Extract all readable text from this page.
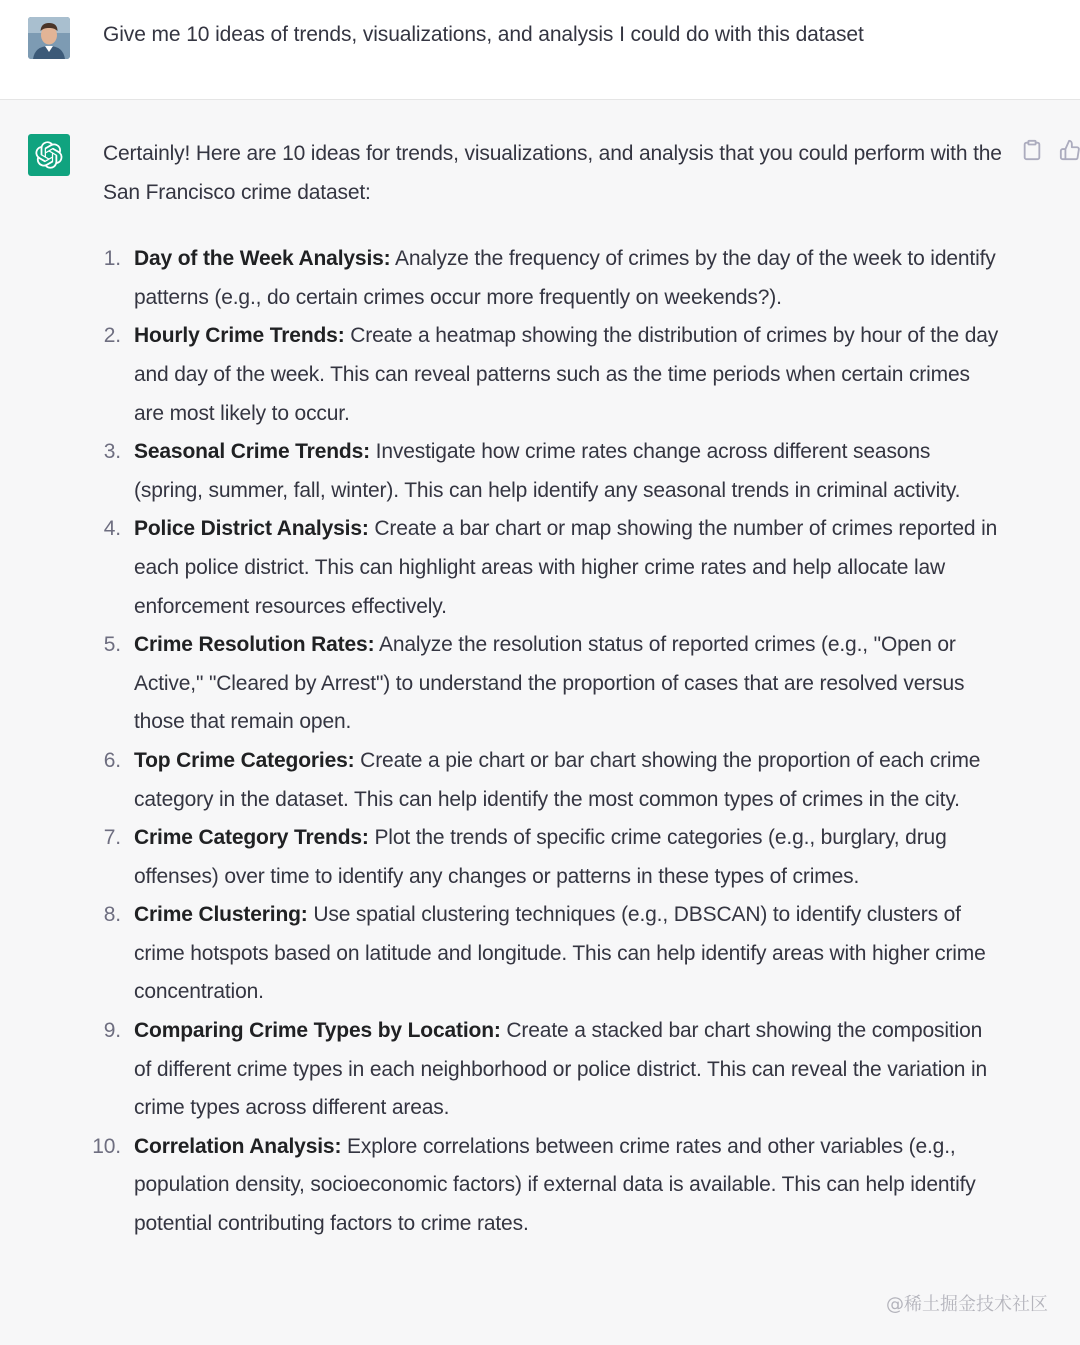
Give me 10 ideas of trends, visualizations, and analysis I could do with this dataset

Certainly! Here are 10 ideas for trends, visualizations, and analysis that you could perform with the San Francisco crime dataset:

1. Day of the Week Analysis: Analyze the frequency of crimes by the day of the week to identify patterns (e.g., do certain crimes occur more frequently on weekends?).
2. Hourly Crime Trends: Create a heatmap showing the distribution of crimes by hour of the day and day of the week. This can reveal patterns such as the time periods when certain crimes are most likely to occur.
3. Seasonal Crime Trends: Investigate how crime rates change across different seasons (spring, summer, fall, winter). This can help identify any seasonal trends in criminal activity.
4. Police District Analysis: Create a bar chart or map showing the number of crimes reported in each police district. This can highlight areas with higher crime rates and help allocate law enforcement resources effectively.
5. Crime Resolution Rates: Analyze the resolution status of reported crimes (e.g., "Open or Active," "Cleared by Arrest") to understand the proportion of cases that are resolved versus those that remain open.
6. Top Crime Categories: Create a pie chart or bar chart showing the proportion of each crime category in the dataset. This can help identify the most common types of crimes in the city.
7. Crime Category Trends: Plot the trends of specific crime categories (e.g., burglary, drug offenses) over time to identify any changes or patterns in these types of crimes.
8. Crime Clustering: Use spatial clustering techniques (e.g., DBSCAN) to identify clusters of crime hotspots based on latitude and longitude. This can help identify areas with higher crime concentration.
9. Comparing Crime Types by Location: Create a stacked bar chart showing the composition of different crime types in each neighborhood or police district. This can reveal the variation in crime types across different areas.
10. Correlation Analysis: Explore correlations between crime rates and other variables (e.g., population density, socioeconomic factors) if external data is available. This can help identify potential contributing factors to crime rates.
@稀土掘金技术社区
